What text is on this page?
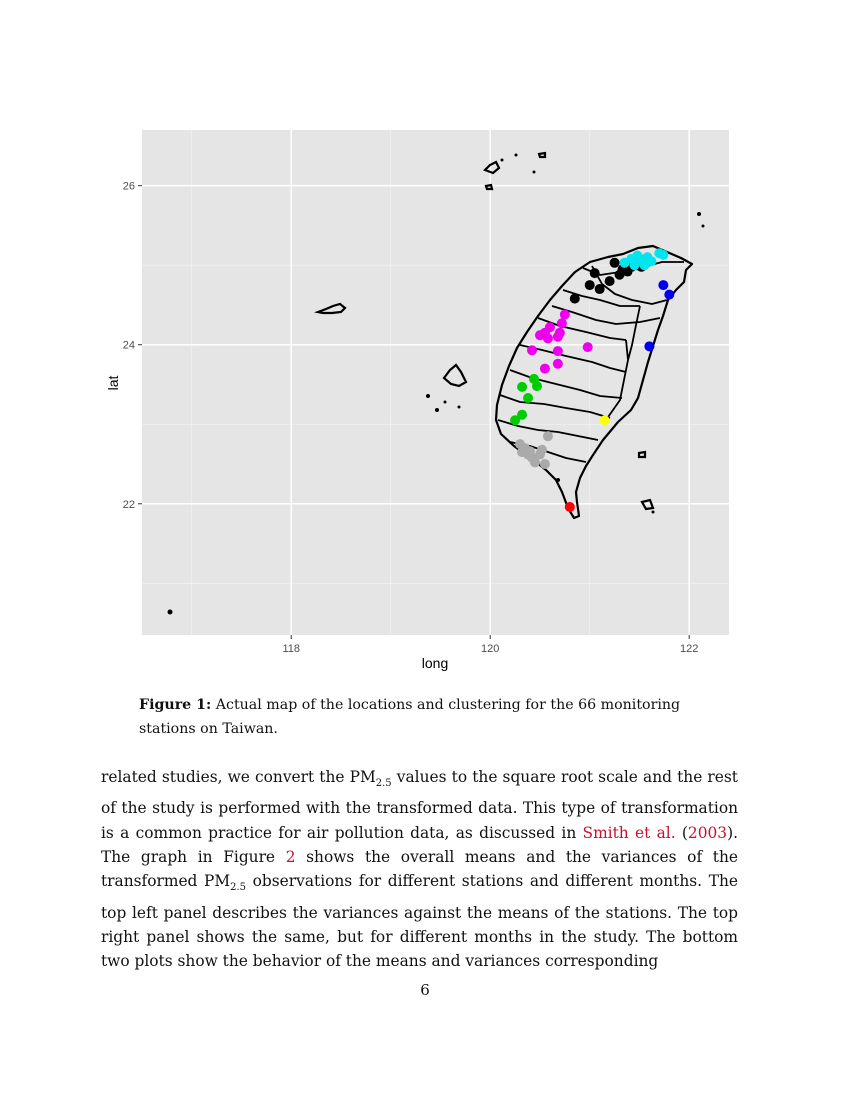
118	120	122
22
24
26
long
lat
Figure 1: Actual map of the locations and clustering for the 66 monitoring stations on Taiwan.

related studies, we convert the $PM_{2.5}$ values to the square root scale and the rest of the study is performed with the transformed data. This type of transformation is a common practice for air pollution data, as discussed in Smith et al. (2003). The graph in Figure 2 shows the overall means and the variances of the transformed $PM_{2.5}$ observations for different stations and different months. The top left panel describes the variances against the means of the stations. The top right panel shows the same, but for different months in the study. The bottom two plots show the behavior of the means and variances corresponding

6
